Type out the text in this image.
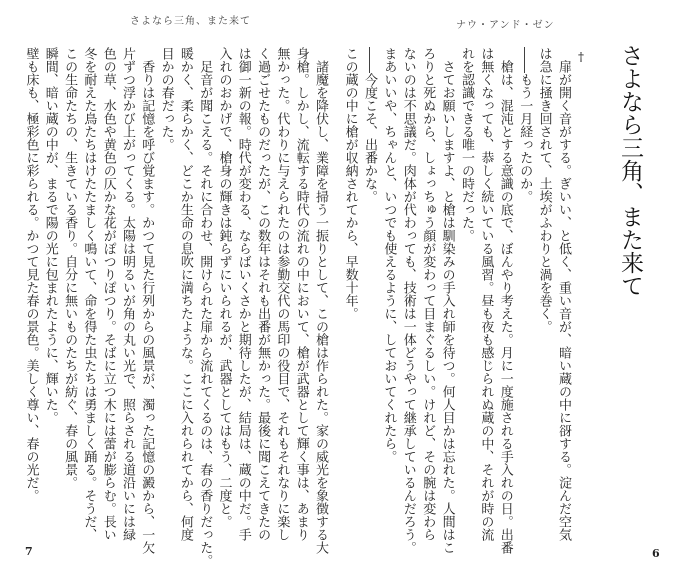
さよなら三角、また来て	ナウ・アンド・ゼン
さよなら三角、また来て
†
扉が開く音がする。ぎいい、と低く、重い音が、暗い蔵の中に谺する。淀んだ空気
は急に掻き回されて、土埃がふわりと渦を巻く。
――もう一月経ったのか。
槍は、混沌とする意識の底で、ぼんやり考えた。月に一度施される手入れの日。出番
は無くなっても、恭しく続いている風習。昼も夜も感じられぬ蔵の中、それが時の流
れを認識できる唯一の時だった。
さてお願いしますよ、と槍は馴染みの手入れ師を待つ。何人目かは忘れた。人間はこ
ろりと死ぬから、しょっちゅう顔が変わって目まぐるしい。けれど、その腕は変わら
ないのは不思議だ。肉体が代わっても、技術は一体どうやって継承しているんだろう。
まあいいや、ちゃんと、いつでも使えるように、しておいてくれたら。
――今度こそ、出番かな。
この蔵の中に槍が収納されてから、早数十年。
諸魔を降伏し、業障を掃う一振りとして、この槍は作られた。家の威光を象徴する大
身槍。しかし、流転する時代の流れの中において、槍が武器として輝く事は、あまり
無かった。代わりに与えられたのは参勤交代の馬印の役目で、それもそれなりに楽し
く過ごせたものだったが、この数年はそれも出番が無かった。最後に聞こえてきたの
は御一新の報。時代が変わる、ならばいくさかと期待したが、結局は、蔵の中だ。手
入れのおかげで、槍身の輝きは鈍らずにいられるが、武器としてはもう、二度と。
足音が聞こえる。それに合わせ、開けられた扉から流れてくるのは、春の香りだった。
暖かく、柔らかく、どこか生命の息吹に満ちたような。ここに入れられてから、何度
目かの春だった。
香りは記憶を呼び覚ます。かつて見た行列からの風景が、濁った記憶の澱から、一欠
片ずつ浮かび上がってくる。太陽は明るいが角の丸い光で、照らされる道沿いには緑
色の草、水色や黄色の仄かな花がぽつりぽつり。そばに立つ木には蕾が膨らむ。長い
冬を耐えた鳥たちはけたたましく鳴いて、命を得た虫たちは勇ましく踊る。そうだ、
この生命たちの、生きている香り。自分に無いものたちが紡ぐ、春の風景。
瞬間、暗い蔵の中が、まるで陽の光に包まれたように、輝いた。
壁も床も、極彩色に彩られる。かつて見た春の景色。美しく尊い、春の光だ。
7	6
